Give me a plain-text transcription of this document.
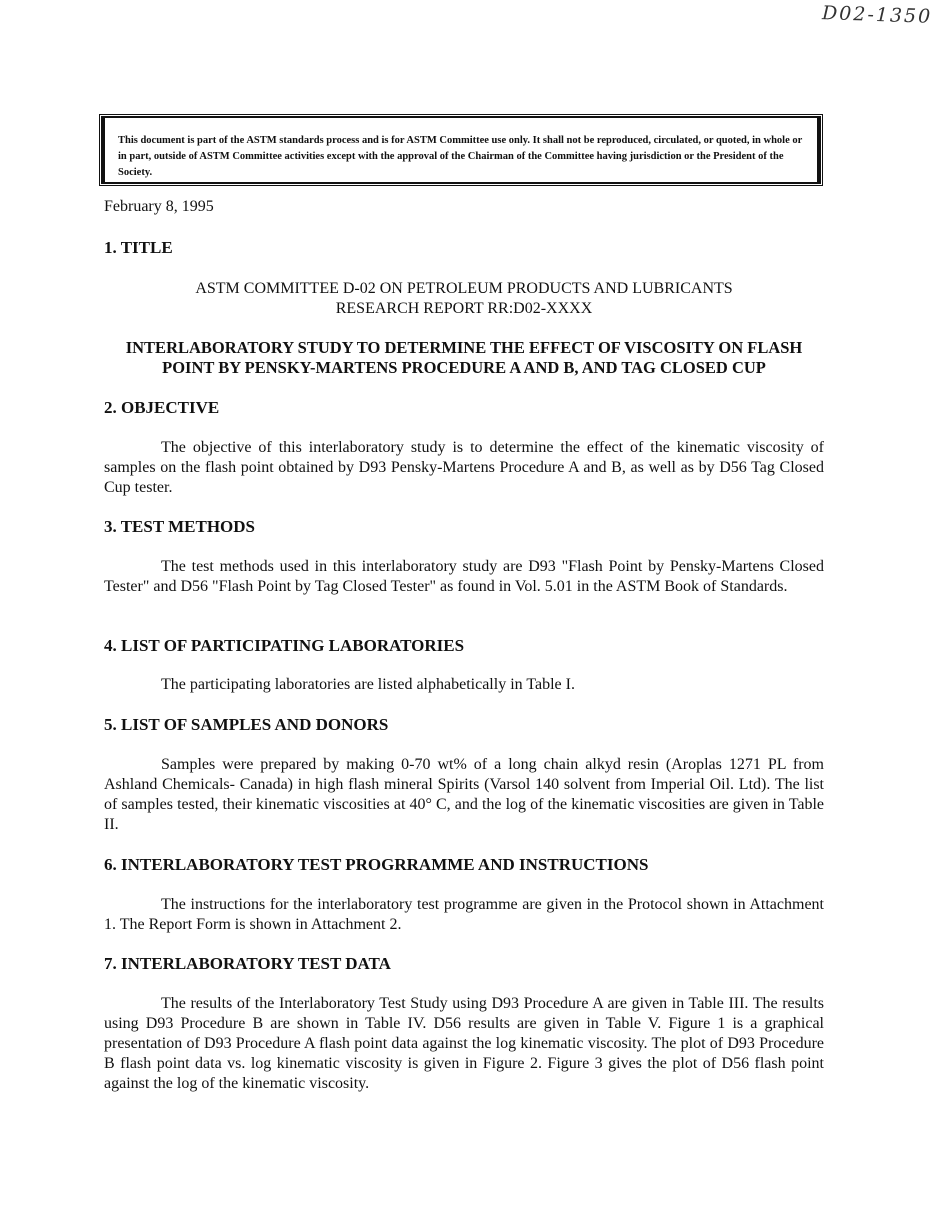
D02-1350
This document is part of the ASTM standards process and is for ASTM Committee use only. It shall not be reproduced, circulated, or quoted, in whole or in part, outside of ASTM Committee activities except with the approval of the Chairman of the Committee having jurisdiction or the President of the Society.
February 8, 1995
1. TITLE
ASTM COMMITTEE D-02 ON PETROLEUM PRODUCTS AND LUBRICANTS
RESEARCH REPORT RR:D02-XXXX
INTERLABORATORY STUDY TO DETERMINE THE EFFECT OF VISCOSITY ON FLASH
POINT BY PENSKY-MARTENS PROCEDURE A AND B, AND TAG CLOSED CUP
2. OBJECTIVE
The objective of this interlaboratory study is to determine the effect of the kinematic viscosity of samples on the flash point obtained by D93 Pensky-Martens Procedure A and B, as well as by D56 Tag Closed Cup tester.
3. TEST METHODS
The test methods used in this interlaboratory study are D93 "Flash Point by Pensky-Martens Closed Tester" and D56 "Flash Point by Tag Closed Tester" as found in Vol. 5.01 in the ASTM Book of Standards.
4. LIST OF PARTICIPATING LABORATORIES
The participating laboratories are listed alphabetically in Table I.
5. LIST OF SAMPLES AND DONORS
Samples were prepared by making 0-70 wt% of a long chain alkyd resin (Aroplas 1271 PL from Ashland Chemicals- Canada) in high flash mineral Spirits (Varsol 140 solvent from Imperial Oil. Ltd). The list of samples tested, their kinematic viscosities at 40° C, and the log of the kinematic viscosities are given in Table II.
6. INTERLABORATORY TEST PROGRRAMME AND INSTRUCTIONS
The instructions for the interlaboratory test programme are given in the Protocol shown in Attachment 1. The Report Form is shown in Attachment 2.
7. INTERLABORATORY TEST DATA
The results of the Interlaboratory Test Study using D93 Procedure A are given in Table III. The results using D93 Procedure B are shown in Table IV. D56 results are given in Table V. Figure 1 is a graphical presentation of D93 Procedure A flash point data against the log kinematic viscosity. The plot of D93 Procedure B flash point data vs. log kinematic viscosity is given in Figure 2. Figure 3 gives the plot of D56 flash point against the log of the kinematic viscosity.
